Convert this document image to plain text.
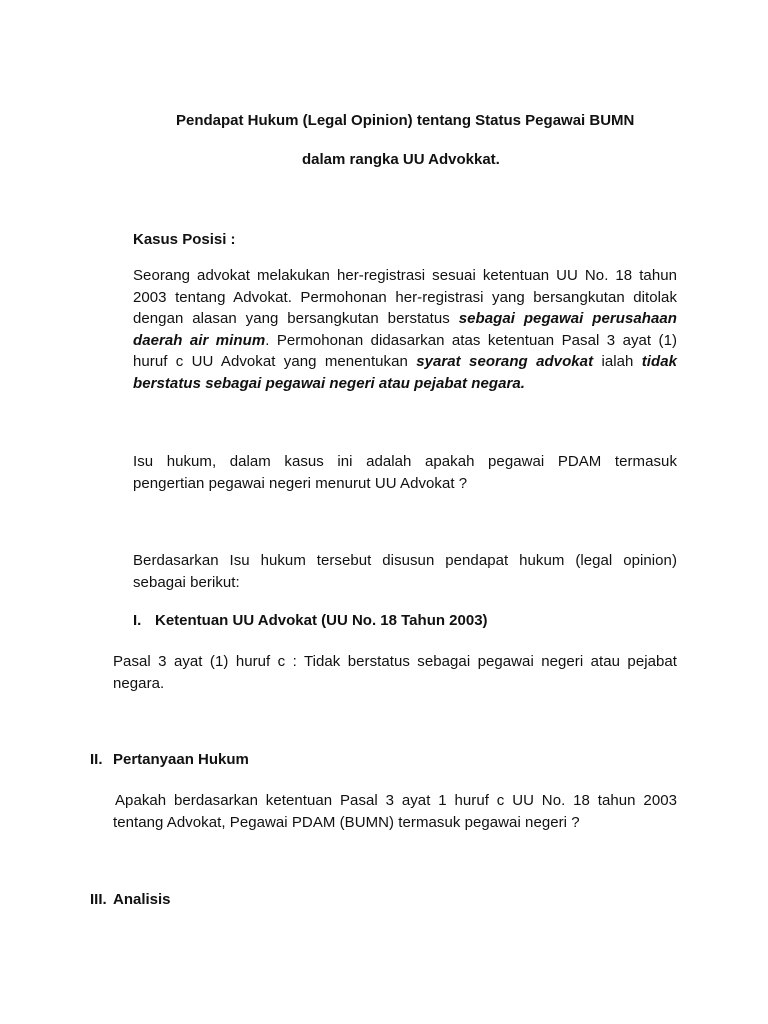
Pendapat Hukum (Legal Opinion) tentang Status Pegawai BUMN
dalam rangka UU Advokkat.
Kasus Posisi :
Seorang advokat melakukan her-registrasi sesuai ketentuan UU No. 18 tahun
2003 tentang Advokat. Permohonan her-registrasi yang bersangkutan ditolak
dengan alasan yang bersangkutan berstatus sebagai pegawai perusahaan
daerah air minum. Permohonan didasarkan atas ketentuan Pasal 3 ayat (1)
huruf c UU Advokat yang menentukan syarat seorang advokat ialah tidak
berstatus sebagai pegawai negeri atau pejabat negara.
Isu hukum, dalam kasus ini adalah apakah pegawai PDAM termasuk
pengertian pegawai negeri menurut UU Advokat ?
Berdasarkan Isu hukum tersebut disusun pendapat hukum (legal opinion)
sebagai berikut:
I. Ketentuan UU Advokat (UU No. 18 Tahun 2003)
Pasal 3 ayat (1) huruf c : Tidak berstatus sebagai pegawai negeri atau pejabat
negara.
II. Pertanyaan Hukum
Apakah berdasarkan ketentuan Pasal 3 ayat 1 huruf c UU No. 18 tahun 2003
tentang Advokat, Pegawai PDAM (BUMN) termasuk pegawai negeri ?
III. Analisis
